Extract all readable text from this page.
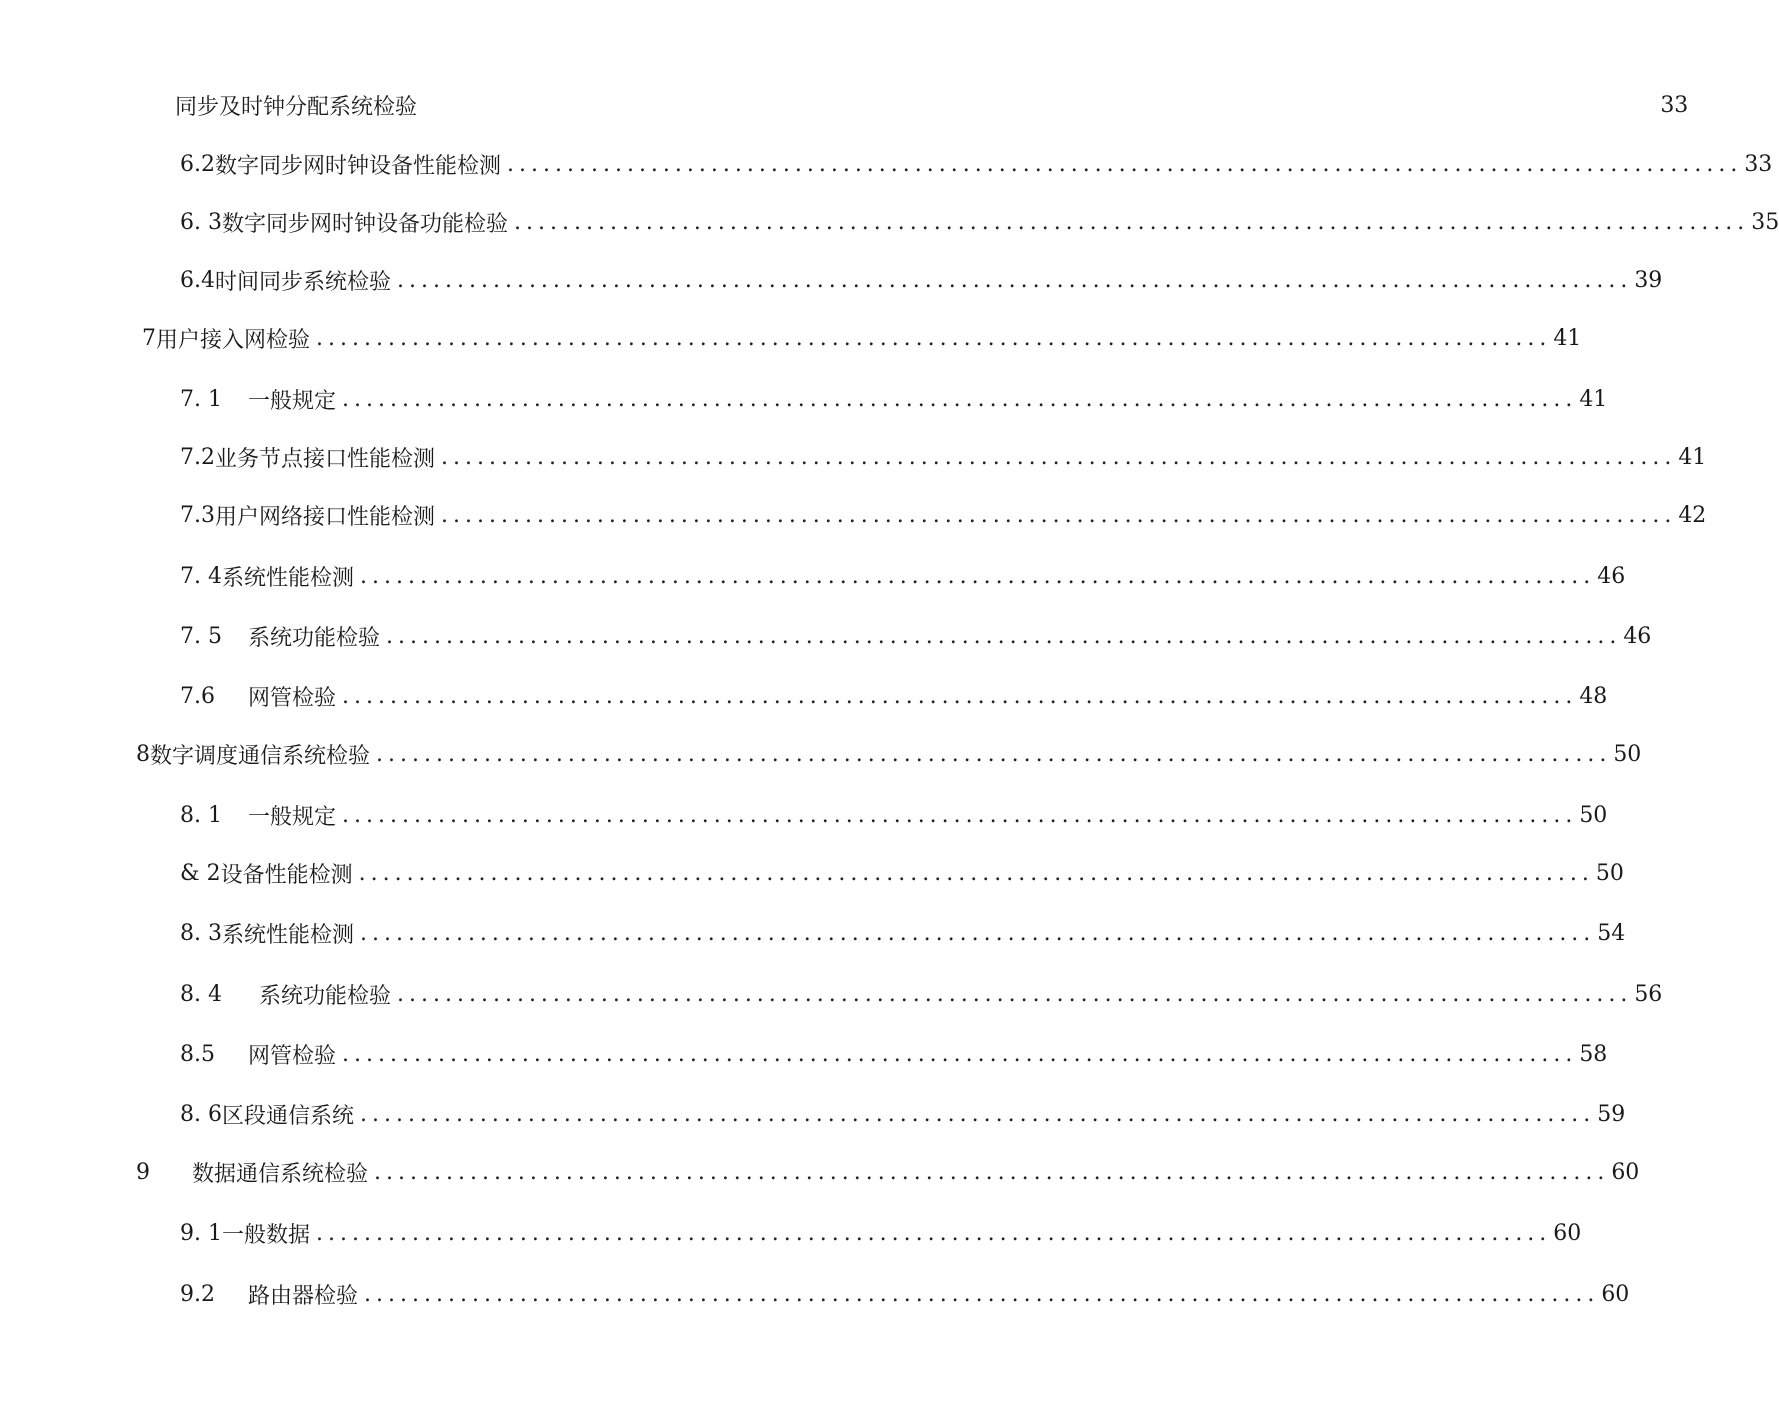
同步及时钟分配系统检验	33
6.2 数字同步网时钟设备性能检测 ....................................................................................................... 33
6. 3 数字同步网时钟设备功能检验 ....................................................................................................... 35
6.4 时间同步系统检验 ....................................................................................................... 39
7 用户接入网检验 ....................................................................................................... 41
7. 1	一般规定 ....................................................................................................... 41
7.2 业务节点接口性能检测 ....................................................................................................... 41
7.3 用户网络接口性能检测 ....................................................................................................... 42
7. 4 系统性能检测 ....................................................................................................... 46
7. 5	系统功能检验 ....................................................................................................... 46
7.6	网管检验 ....................................................................................................... 48
8 数字调度通信系统检验 ....................................................................................................... 50
8. 1	一般规定 ....................................................................................................... 50
& 2 设备性能检测 ....................................................................................................... 50
8. 3 系统性能检测 ....................................................................................................... 54
8. 4	系统功能检验 ....................................................................................................... 56
8.5	网管检验 ....................................................................................................... 58
8. 6 区段通信系统 ....................................................................................................... 59
9	数据通信系统检验 ....................................................................................................... 60
9. 1 一般数据 ....................................................................................................... 60
9.2	路由器检验 ....................................................................................................... 60
